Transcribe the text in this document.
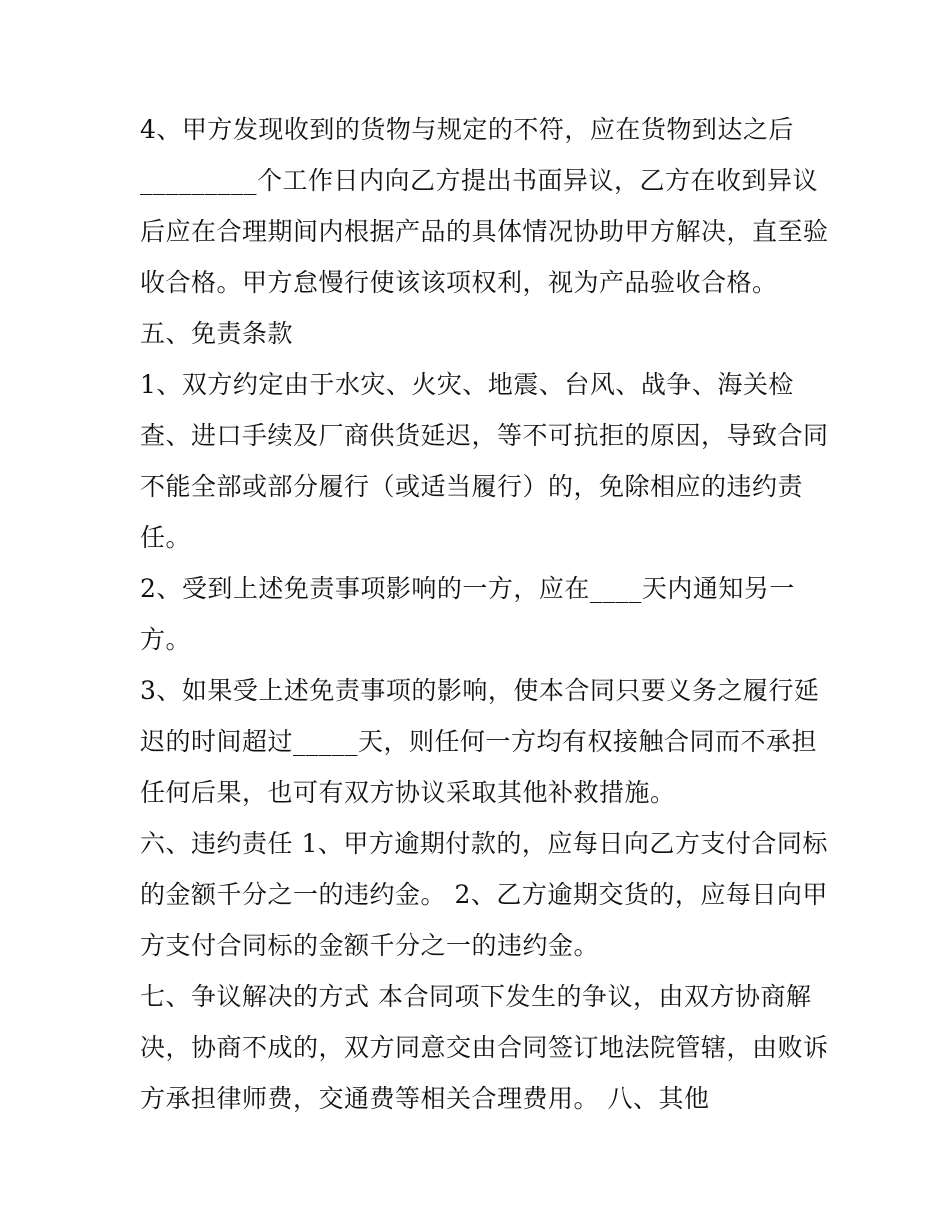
4、甲方发现收到的货物与规定的不符，应在货物到达之后
_________个工作日内向乙方提出书面异议，乙方在收到异议
后应在合理期间内根据产品的具体情况协助甲方解决，直至验
收合格。甲方怠慢行使该该项权利，视为产品验收合格。
五、免责条款
1、双方约定由于水灾、火灾、地震、台风、战争、海关检
查、进口手续及厂商供货延迟，等不可抗拒的原因，导致合同
不能全部或部分履行（或适当履行）的，免除相应的违约责
任。
2、受到上述免责事项影响的一方，应在____天内通知另一
方。
3、如果受上述免责事项的影响，使本合同只要义务之履行延
迟的时间超过_____天，则任何一方均有权接触合同而不承担
任何后果，也可有双方协议采取其他补救措施。
六、违约责任 1、甲方逾期付款的，应每日向乙方支付合同标
的金额千分之一的违约金。 2、乙方逾期交货的，应每日向甲
方支付合同标的金额千分之一的违约金。
七、争议解决的方式 本合同项下发生的争议，由双方协商解
决，协商不成的，双方同意交由合同签订地法院管辖，由败诉
方承担律师费，交通费等相关合理费用。 八、其他
